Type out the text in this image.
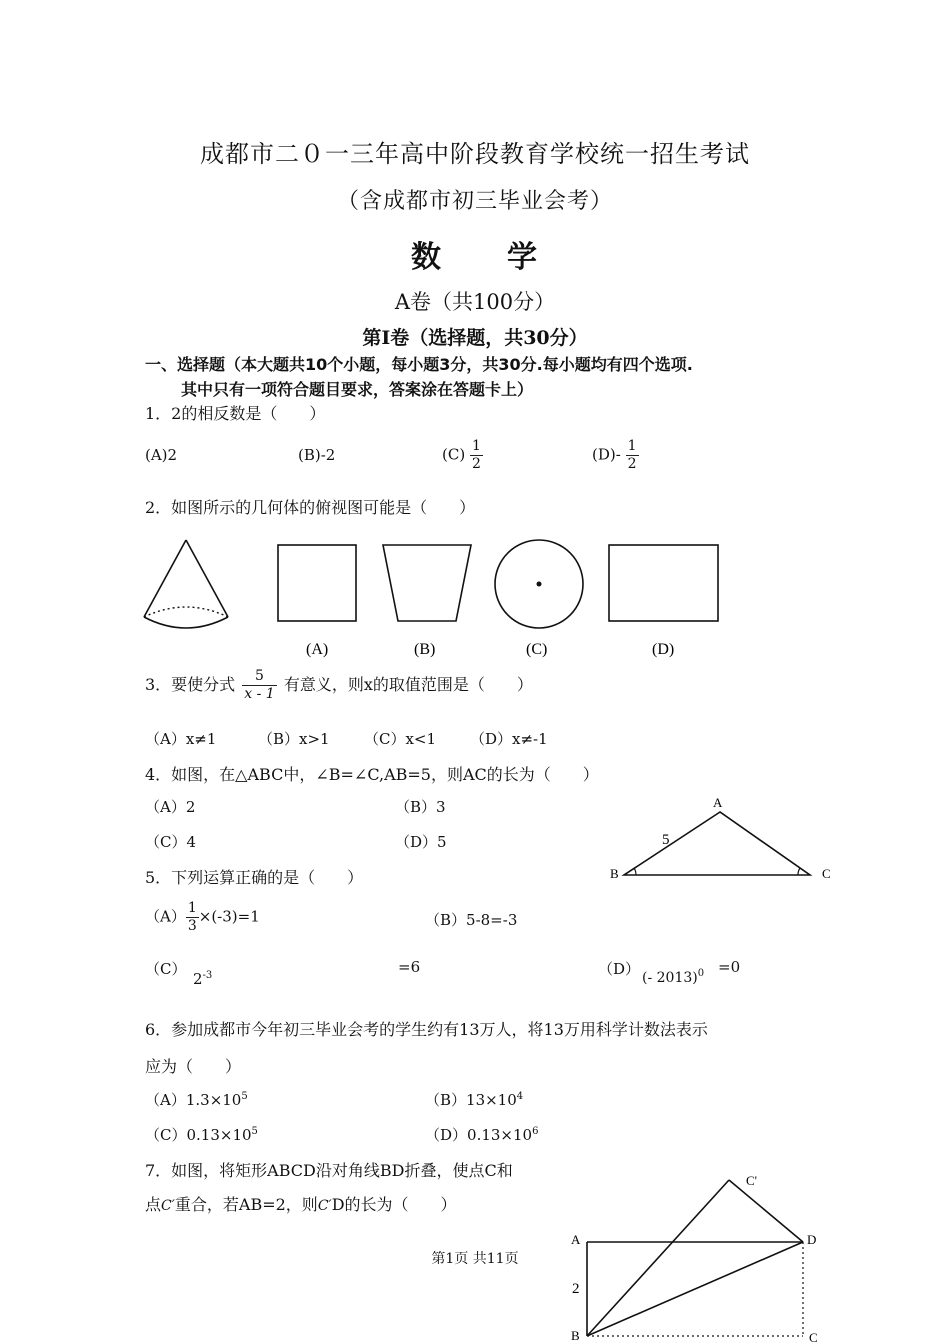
成都市二０一三年高中阶段教育学校统一招生考试
（含成都市初三毕业会考）
数　　学
A卷（共100分）
第Ⅰ卷（选择题，共30分）
一、选择题（本大题共10个小题，每小题3分，共30分.每小题均有四个选项.
其中只有一项符合题目要求，答案涂在答题卡上）
1．2的相反数是（　　）
(A)2	(B)-2	$(C) \frac{1}{2}$	$(D)- \frac{1}{2}$
2．如图所示的几何体的俯视图可能是（　　）
(A)	(B)	(C)	(D)
3．要使分式 $\frac{5}{x - 1}$ 有意义，则x的取值范围是（　　）
（A）x≠1	（B）x>1 （C）x<1 （D）x≠-1
4．如图，在△ABC中，∠B=∠C,AB=5，则AC的长为（　　）
（A）2	（B）3
（C）4	（D）5
A
B	C
5
5．下列运算正确的是（　　）
$(A) \frac{1}{3} \times(-3)=1$	（B）5-8=-3
（C）
$2^{-3}$	=6	（D） (- 2013)$^0$ =0
6．参加成都市今年初三毕业会考的学生约有13万人，将13万用科学计数法表示
应为（　　）
$(A)1.3\times 10^5$	$(B)13\times 10^4$
$(C)0.13\times 10^5$	$(D)0.13\times 10^6$
7．如图，将矩形ABCD沿对角线BD折叠，使点C和
点C′重合，若AB=2，则C′D的长为（　　）
A
B	C
D
C'
2
第1页 共11页
